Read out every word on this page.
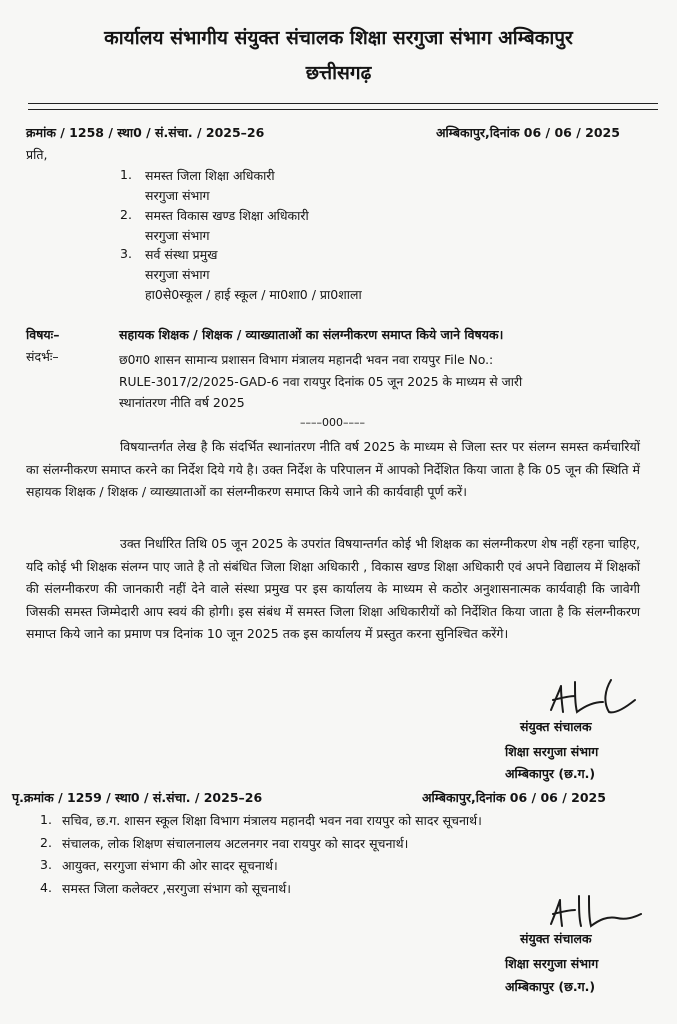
कार्यालय संभागीय संयुक्त संचालक शिक्षा सरगुजा संभाग अम्बिकापुर
छत्तीसगढ़
क्रमांक / 1258 / स्था0 / सं.संचा. / 2025–26	अम्बिकापुर,दिनांक 06 / 06 / 2025
प्रति,
1. समस्त जिला शिक्षा अधिकारी
सरगुजा संभाग
2. समस्त विकास खण्ड शिक्षा अधिकारी
सरगुजा संभाग
3. सर्व संस्था प्रमुख
सरगुजा संभाग
हा0से0स्कूल / हाई स्कूल / मा0शा0 / प्रा0शाला
विषयः–	सहायक शिक्षक / शिक्षक / व्याख्याताओं का संलग्नीकरण समाप्त किये जाने विषयक।
संदर्भः–	छ0ग0 शासन सामान्य प्रशासन विभाग मंत्रालय महानदी भवन नवा रायपुर File No.:
RULE-3017/2/2025-GAD-6 नवा रायपुर दिनांक 05 जून 2025 के माध्यम से जारी
स्थानांतरण नीति वर्ष 2025
––––000––––
विषयान्तर्गत लेख है कि संदर्भित स्थानांतरण नीति वर्ष 2025 के माध्यम से जिला स्तर पर संलग्न समस्त कर्मचारियों का संलग्नीकरण समाप्त करने का निर्देश दिये गये है। उक्त निर्देश के परिपालन में आपको निर्देशित किया जाता है कि 05 जून की स्थिति में सहायक शिक्षक / शिक्षक / व्याख्याताओं का संलग्नीकरण समाप्त किये जाने की कार्यवाही पूर्ण करें।
उक्त निर्धारित तिथि 05 जून 2025 के उपरांत विषयान्तर्गत कोई भी शिक्षक का संलग्नीकरण शेष नहीं रहना चाहिए, यदि कोई भी शिक्षक संलग्न पाए जाते है तो संबंधित जिला शिक्षा अधिकारी , विकास खण्ड शिक्षा अधिकारी एवं अपने विद्यालय में शिक्षकों की संलग्नीकरण की जानकारी नहीं देने वाले संस्था प्रमुख पर इस कार्यालय के माध्यम से कठोर अनुशासनात्मक कार्यवाही कि जावेगी जिसकी समस्त जिम्मेदारी आप स्वयं की होगी। इस संबंध में समस्त जिला शिक्षा अधिकारीयों को निर्देशित किया जाता है कि संलग्नीकरण समाप्त किये जाने का प्रमाण पत्र दिनांक 10 जून 2025 तक इस कार्यालय में प्रस्तुत करना सुनिश्चित करेंगे।
संयुक्त संचालक
शिक्षा सरगुजा संभाग
अम्बिकापुर (छ.ग.)
पृ.क्रमांक / 1259 / स्था0 / सं.संचा. / 2025–26	अम्बिकापुर,दिनांक 06 / 06 / 2025
1. सचिव, छ.ग. शासन स्कूल शिक्षा विभाग मंत्रालय महानदी भवन नवा रायपुर को सादर सूचनार्थ।
2. संचालक, लोक शिक्षण संचालनालय अटलनगर नवा रायपुर को सादर सूचनार्थ।
3. आयुक्त, सरगुजा संभाग की ओर सादर सूचनार्थ।
4. समस्त जिला कलेक्टर ,सरगुजा संभाग को सूचनार्थ।
संयुक्त संचालक
शिक्षा सरगुजा संभाग
अम्बिकापुर (छ.ग.)
